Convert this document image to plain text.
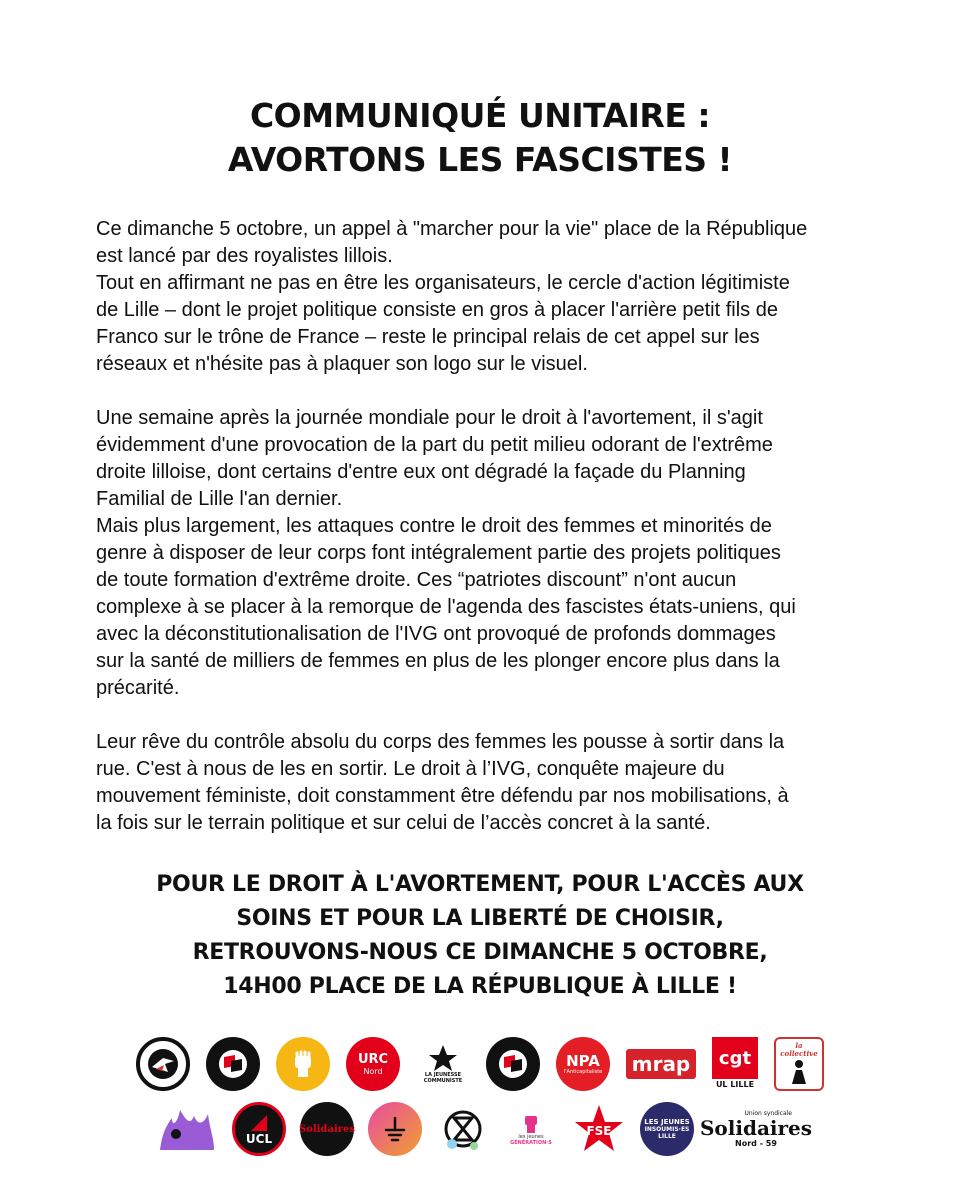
COMMUNIQUÉ UNITAIRE :
AVORTONS LES FASCISTES !

Ce dimanche 5 octobre, un appel à "marcher pour la vie" place de la République
est lancé par des royalistes lillois.
Tout en affirmant ne pas en être les organisateurs, le cercle d'action légitimiste
de Lille – dont le projet politique consiste en gros à placer l'arrière petit fils de
Franco sur le trône de France – reste le principal relais de cet appel sur les
réseaux et n'hésite pas à plaquer son logo sur le visuel.

Une semaine après la journée mondiale pour le droit à l'avortement, il s'agit
évidemment d'une provocation de la part du petit milieu odorant de l'extrême
droite lilloise, dont certains d'entre eux ont dégradé la façade du Planning
Familial de Lille l'an dernier.
Mais plus largement, les attaques contre le droit des femmes et minorités de
genre à disposer de leur corps font intégralement partie des projets politiques
de toute formation d'extrême droite. Ces “patriotes discount” n'ont aucun
complexe à se placer à la remorque de l'agenda des fascistes états-uniens, qui
avec la déconstitutionalisation de l'IVG ont provoqué de profonds dommages
sur la santé de milliers de femmes en plus de les plonger encore plus dans la
précarité.

Leur rêve du contrôle absolu du corps des femmes les pousse à sortir dans la
rue. C'est à nous de les en sortir. Le droit à l’IVG, conquête majeure du
mouvement féministe, doit constamment être défendu par nos mobilisations, à
la fois sur le terrain politique et sur celui de l’accès concret à la santé.

POUR LE DROIT À L'AVORTEMENT, POUR L'ACCÈS AUX
SOINS ET POUR LA LIBERTÉ DE CHOISIR,
RETROUVONS-NOUS CE DIMANCHE 5 OCTOBRE,
14H00 PLACE DE LA RÉPUBLIQUE À LILLE !
URC
Nord	LA JEUNESSE COMMUNISTE
NPA
l'Anticapitaliste mrap cgt
UL LILLE
la collective
UCL
Solidaires
les jeunes
GÉNÉRATION·S
FSE
LES JEUNES
INSOUMIS·ES
LILLE
Union syndicale
Solidaires
Nord - 59
